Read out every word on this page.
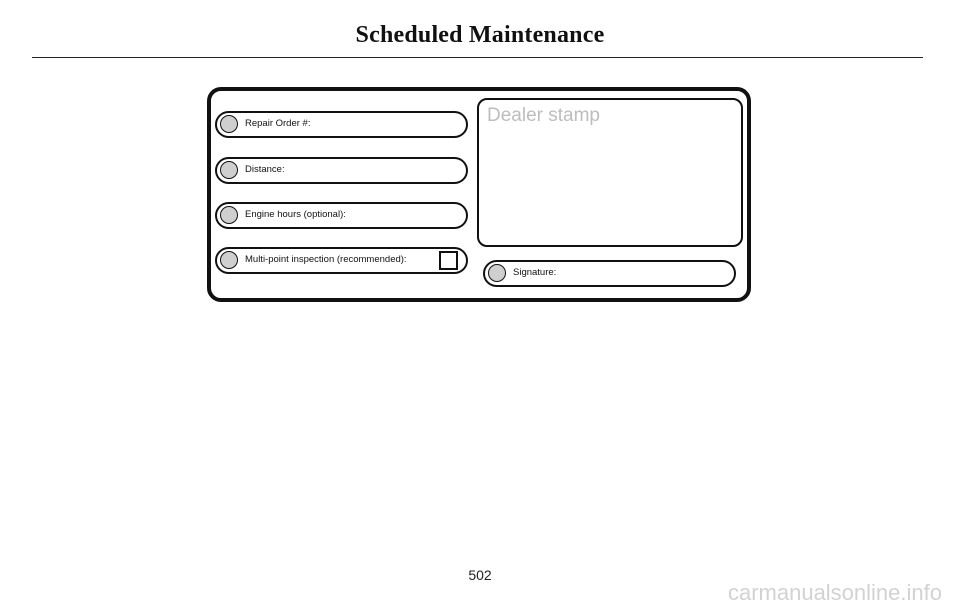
Scheduled Maintenance
Repair Order #:
Distance:
Engine hours (optional):
Multi-point inspection (recommended):
Dealer stamp
Signature:
502
carmanualsonline.info
